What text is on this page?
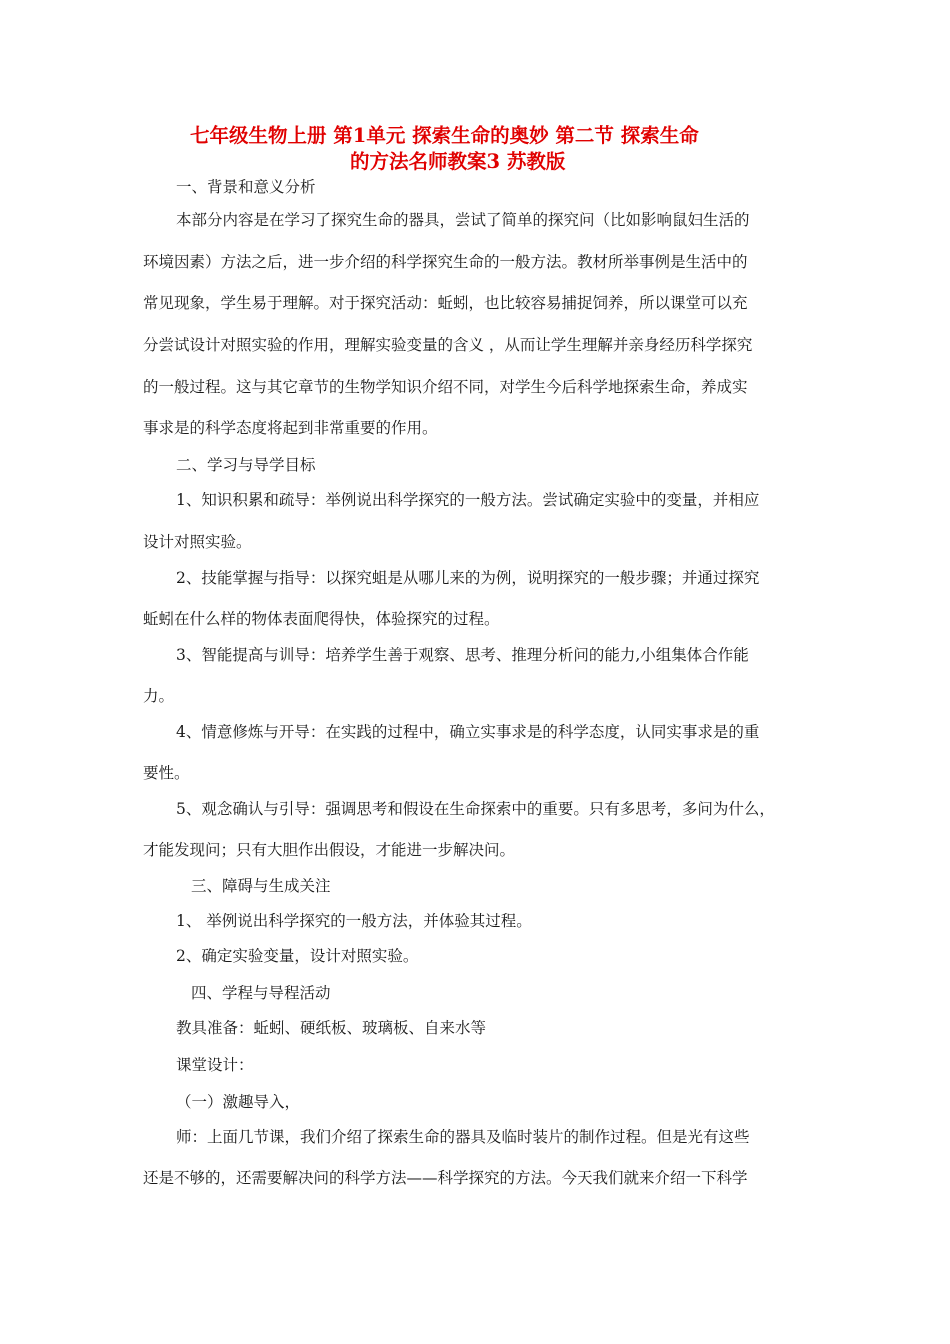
七年级生物上册 第1单元 探索生命的奥妙 第二节 探索生命
的方法名师教案3 苏教版

一、背景和意义分析

本部分内容是在学习了探究生命的器具，尝试了简单的探究问（比如影响鼠妇生活的

环境因素）方法之后，进一步介绍的科学探究生命的一般方法。教材所举事例是生活中的

常见现象，学生易于理解。对于探究活动：蚯蚓，也比较容易捕捉饲养，所以课堂可以充

分尝试设计对照实验的作用，理解实验变量的含义 ，从而让学生理解并亲身经历科学探究

的一般过程。这与其它章节的生物学知识介绍不同，对学生今后科学地探索生命，养成实

事求是的科学态度将起到非常重要的作用。

二、学习与导学目标

1、知识积累和疏导：举例说出科学探究的一般方法。尝试确定实验中的变量，并相应

设计对照实验。

2、技能掌握与指导：以探究蛆是从哪儿来的为例，说明探究的一般步骤；并通过探究

蚯蚓在什么样的物体表面爬得快，体验探究的过程。

3、智能提高与训导：培养学生善于观察、思考、推理分析问的能力,小组集体合作能

力。

4、情意修炼与开导：在实践的过程中，确立实事求是的科学态度，认同实事求是的重

要性。

5、观念确认与引导：强调思考和假设在生命探索中的重要。只有多思考，多问为什么，

才能发现问；只有大胆作出假设，才能进一步解决问。

三、障碍与生成关注

1、 举例说出科学探究的一般方法，并体验其过程。

2、确定实验变量，设计对照实验。

四、学程与导程活动

教具准备：蚯蚓、硬纸板、玻璃板、自来水等

课堂设计：

（一）激趣导入，

师：上面几节课，我们介绍了探索生命的器具及临时装片的制作过程。但是光有这些

还是不够的，还需要解决问的科学方法——科学探究的方法。今天我们就来介绍一下科学
